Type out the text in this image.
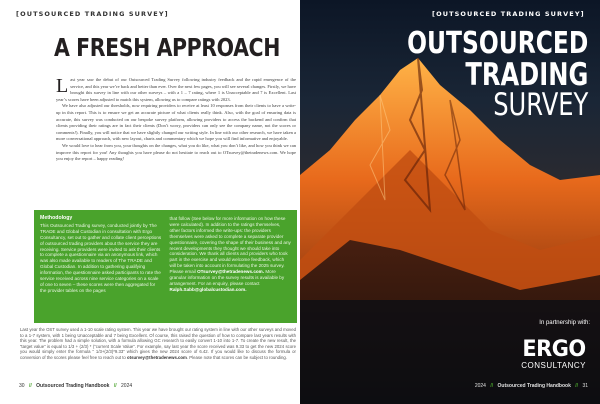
[OUTSOURCED TRADING SURVEY]
A FRESH APPROACH

Last year saw the debut of our Outsourced Trading Survey following industry feedback and the rapid emergence of the service, and this year we’re back and better than ever. Over the next few pages, you will see several changes. Firstly, we have brought this survey in line with our other surveys – with a 1 – 7 rating, where 1 is Unacceptable and 7 is Excellent. Last year’s scores have been adjusted to match this system, allowing us to compare ratings with 2023.

We have also adjusted our thresholds, now requiring providers to receive at least 10 responses from their clients to have a write-up in this report. This is to ensure we get an accurate picture of what clients really think. Also, with the goal of ensuring data is accurate, this survey was conducted on our bespoke survey platform, allowing providers to access the backend and confirm that clients providing their ratings are in fact their clients (Don’t worry, providers can only see the company name, not the scores or comments!). Finally, you will notice that we have slightly changed our writing style. In line with our other research, we have taken a more conversational approach, with new layout, charts and commentary which we hope you will find informative and enjoyable.

We would love to hear from you, your thoughts on the changes, what you do like, what you don’t like, and how you think we can improve this report for you! Any thoughts you have please do not hesitate to reach out to OTsurvey@thetradenews.com. We hope you enjoy the report – happy reading!

Methodology
This Outsourced Trading survey, conducted jointly by The TRADE and Global Custodian in consultation with Ergo Consultancy, set out to gather and collate client perceptions of outsourced trading providers about the service they are receiving. Service providers were invited to ask their clients to complete a questionnaire via an anonymous link, which was also made available to readers of The TRADE and Global Custodian. In addition to gathering qualifying information, the questionnaire asked participants to rate the service received across nine service categories on a scale of one to seven – these scores were then aggregated for the provider tables on the pages
that follow (See below for more information on how these were calculated). In addition to the ratings themselves, other factors informed the write-ups: the providers themselves were asked to complete a separate provider questionnaire, covering the shape of their business and any recent developments they thought we should take into consideration. We thank all clients and providers who took part in the exercise and would welcome feedback, which will be taken into account in formulating the 2025 survey. Please email OTsurvey@thetradenews.com. More granular information on the survey results is available by arrangement. For an enquiry, please contact Ralph.Sabb@globalcustodian.com.
Last year the OST survey used a 1-10 scale rating system. This year we have brought our rating system in line with our other surveys and moved to a 1-7 system, with 1 being Unacceptable and 7 being Excellent. Of course, this raised the question of how to compare last years results with this year. The problem had a simple solution, with a formula allowing GC research to easily convert 1-10 into 1-7. To create the new result, the “target value” is equal to 1/3 + (2/3) * (“current Scale Value”. For example, say last year the score received was 9.33 to get the new 2024 score you would simply enter the formula “ 1/3+(2/3)*9.33” which gives the new 2024 score of 6.42. If you would like to discuss the formula or conversion of the scores please feel free to reach out to otsurvey@thetradenews.com. Please note that scores can be subject to rounding.
30 // Outsourced Trading Handbook // 2024
[OUTSOURCED TRADING SURVEY]
OUTSOURCED
TRADING
SURVEY
In partnership with:
ERGO
CONSULTANCY
2024 // Outsourced Trading Handbook // 31
